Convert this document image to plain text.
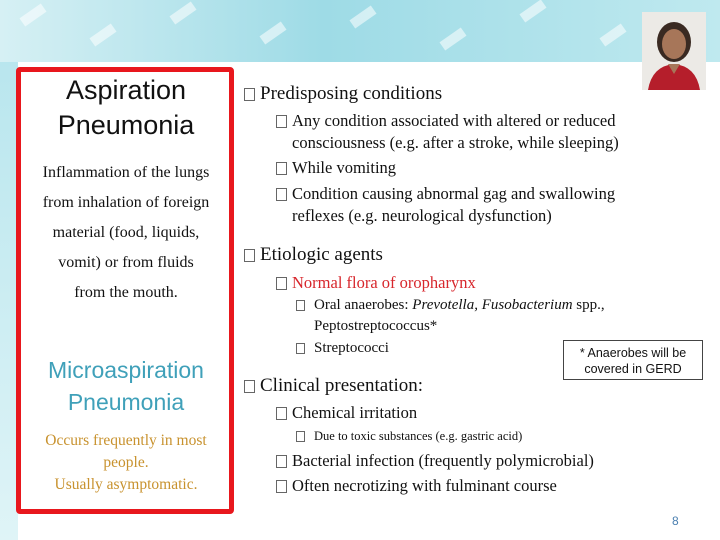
Aspiration
Pneumonia
Inflammation of the lungs
from inhalation of foreign
material (food, liquids,
vomit) or from fluids
from the mouth.
Microaspiration
Pneumonia
Occurs frequently in most
people.
Usually asymptomatic.
Predisposing conditions
Any condition associated with altered or reduced
consciousness (e.g. after a stroke, while sleeping)
While vomiting
Condition causing abnormal gag and swallowing
reflexes (e.g. neurological dysfunction)
Etiologic agents
Normal flora of oropharynx
Oral anaerobes: Prevotella, Fusobacterium spp.,
Peptostreptococcus*
Streptococci	* Anaerobes will be
covered in GERD
Clinical presentation:
Chemical irritation
Due to toxic substances (e.g. gastric acid)
Bacterial infection (frequently polymicrobial)
Often necrotizing with fulminant course
8
